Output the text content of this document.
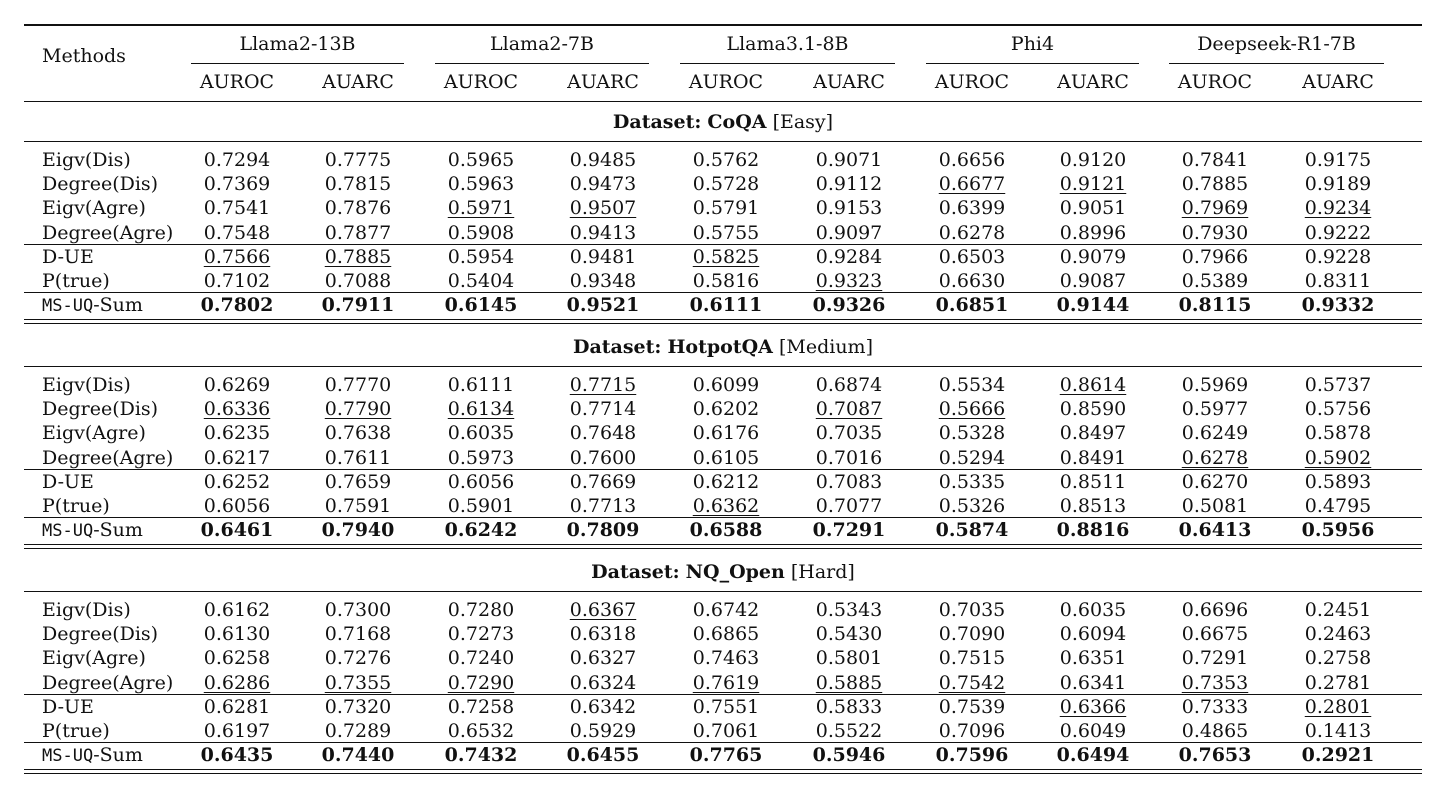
Methods
Llama2-13B	Llama2-7B	Llama3.1-8B	Phi4	Deepseek-R1-7B
AUROC	AUARC	AUROC	AUARC	AUROC	AUARC	AUROC	AUARC	AUROC	AUARC
Dataset: CoQA [Easy]
Eigv(Dis)	0.7294	0.7775	0.5965	0.9485	0.5762	0.9071	0.6656	0.9120	0.7841	0.9175
Degree(Dis) 0.7369	0.7815	0.5963	0.9473	0.5728	0.9112	0.6677	0.9121	0.7885	0.9189
Eigv(Agre)	0.7541	0.7876	0.5971	0.9507	0.5791	0.9153	0.6399	0.9051	0.7969	0.9234
Degree(Agre) 0.7548	0.7877	0.5908	0.9413	0.5755	0.9097	0.6278	0.8996	0.7930	0.9222
D-UE	0.7566	0.7885	0.5954	0.9481	0.5825	0.9284	0.6503	0.9079	0.7966	0.9228
P(true)	0.7102	0.7088	0.5404	0.9348	0.5816	0.9323	0.6630	0.9087	0.5389	0.8311
MS-UQ-Sum	0.7802	0.7911	0.6145	0.9521	0.6111	0.9326	0.6851	0.9144	0.8115	0.9332
Dataset: HotpotQA [Medium]
Eigv(Dis)	0.6269	0.7770	0.6111	0.7715	0.6099	0.6874	0.5534	0.8614	0.5969	0.5737
Degree(Dis) 0.6336	0.7790	0.6134	0.7714	0.6202	0.7087	0.5666	0.8590	0.5977	0.5756
Eigv(Agre)	0.6235	0.7638	0.6035	0.7648	0.6176	0.7035	0.5328	0.8497	0.6249	0.5878
Degree(Agre) 0.6217	0.7611	0.5973	0.7600	0.6105	0.7016	0.5294	0.8491	0.6278	0.5902
D-UE	0.6252	0.7659	0.6056	0.7669	0.6212	0.7083	0.5335	0.8511	0.6270	0.5893
P(true)	0.6056	0.7591	0.5901	0.7713	0.6362	0.7077	0.5326	0.8513	0.5081	0.4795
MS-UQ-Sum	0.6461	0.7940	0.6242	0.7809	0.6588	0.7291	0.5874	0.8816	0.6413	0.5956
Dataset: NQ_Open [Hard]
Eigv(Dis)	0.6162	0.7300	0.7280	0.6367	0.6742	0.5343	0.7035	0.6035	0.6696	0.2451
Degree(Dis) 0.6130	0.7168	0.7273	0.6318	0.6865	0.5430	0.7090	0.6094	0.6675	0.2463
Eigv(Agre)	0.6258	0.7276	0.7240	0.6327	0.7463	0.5801	0.7515	0.6351	0.7291	0.2758
Degree(Agre) 0.6286	0.7355	0.7290	0.6324	0.7619	0.5885	0.7542	0.6341	0.7353	0.2781
D-UE	0.6281	0.7320	0.7258	0.6342	0.7551	0.5833	0.7539	0.6366	0.7333	0.2801
P(true)	0.6197	0.7289	0.6532	0.5929	0.7061	0.5522	0.7096	0.6049	0.4865	0.1413
MS-UQ-Sum	0.6435	0.7440	0.7432	0.6455	0.7765	0.5946	0.7596	0.6494	0.7653	0.2921
